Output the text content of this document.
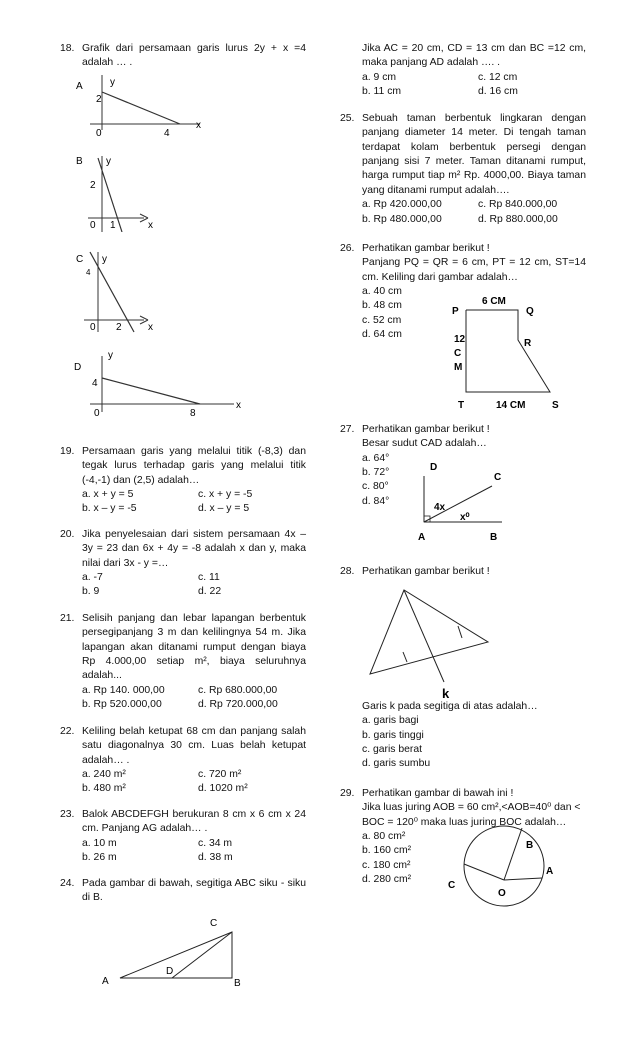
18. Grafik dari persamaan garis lurus 2y + x =4 adalah … .
A	y
2
0	4
x
B y
2
0 1	x
C y
4
0 2	x
D
y
4
0	8
x
19. Persamaan garis yang melalui titik (-8,3) dan tegak lurus terhadap garis yang melalui titik (-4,-1) dan (2,5) adalah…
a. x + y = 5	c. x + y = -5
b. x – y = -5	d. x – y = 5
20. Jika penyelesaian dari sistem persamaan 4x – 3y = 23 dan 6x + 4y = -8 adalah x dan y, maka nilai dari 3x - y =…
a. -7	c. 11
b. 9	d. 22
21. Selisih panjang dan lebar lapangan berbentuk persegipanjang 3 m dan kelilingnya 54 m. Jika lapangan akan ditanami rumput dengan biaya Rp 4.000,00 setiap m², biaya seluruhnya adalah...
a. Rp 140. 000,00	c. Rp 680.000,00
b. Rp 520.000,00	d. Rp 720.000,00
22. Keliling belah ketupat 68 cm dan panjang salah satu diagonalnya 30 cm. Luas belah ketupat adalah… .
a. 240 m²	c. 720 m²
b. 480 m²	d. 1020 m²
23. Balok ABCDEFGH berukuran 8 cm x 6 cm x 24 cm. Panjang AG adalah… .
a. 10 m	c. 34 m
b. 26 m	d. 38 m
24. Pada gambar di bawah, segitiga ABC siku - siku di B.
C
D
A	B
Jika AC = 20 cm, CD = 13 cm dan BC =12 cm, maka panjang AD adalah …. .
a. 9 cm	c. 12 cm
b. 11 cm	d. 16 cm
25. Sebuah taman berbentuk lingkaran dengan panjang diameter 14 meter. Di tengah taman terdapat kolam berbentuk persegi dengan panjang sisi 7 meter. Taman ditanami rumput, harga rumput tiap m² Rp. 4000,00. Biaya taman yang ditanami rumput adalah….
a. Rp 420.000,00	c. Rp 840.000,00
b. Rp 480.000,00	d. Rp 880.000,00
26. Perhatikan gambar berikut !
Panjang PQ = QR = 6 cm, PT = 12 cm, ST=14 cm. Keliling dari gambar adalah…
a. 40 cm
b. 48 cm
c. 52 cm
d. 64 cm
P
6 CM
Q
R
12
C
M
T	14 CM	S
27. Perhatikan gambar berikut !
Besar sudut CAD adalah…
a. 64°
b. 72°
c. 80°
d. 84°
D
C
4x
x⁰
A	B
28. Perhatikan gambar berikut !
k
Garis k pada segitiga di atas adalah…
a. garis bagi
b. garis tinggi
c. garis berat
d. garis sumbu
29. Perhatikan gambar di bawah ini !
Jika luas juring AOB = 60 cm²,<AOB=40⁰ dan < BOC = 120⁰ maka luas juring BOC adalah…
a. 80 cm²
b. 160 cm²
c. 180 cm²
d. 280 cm²
B
A
C
O
